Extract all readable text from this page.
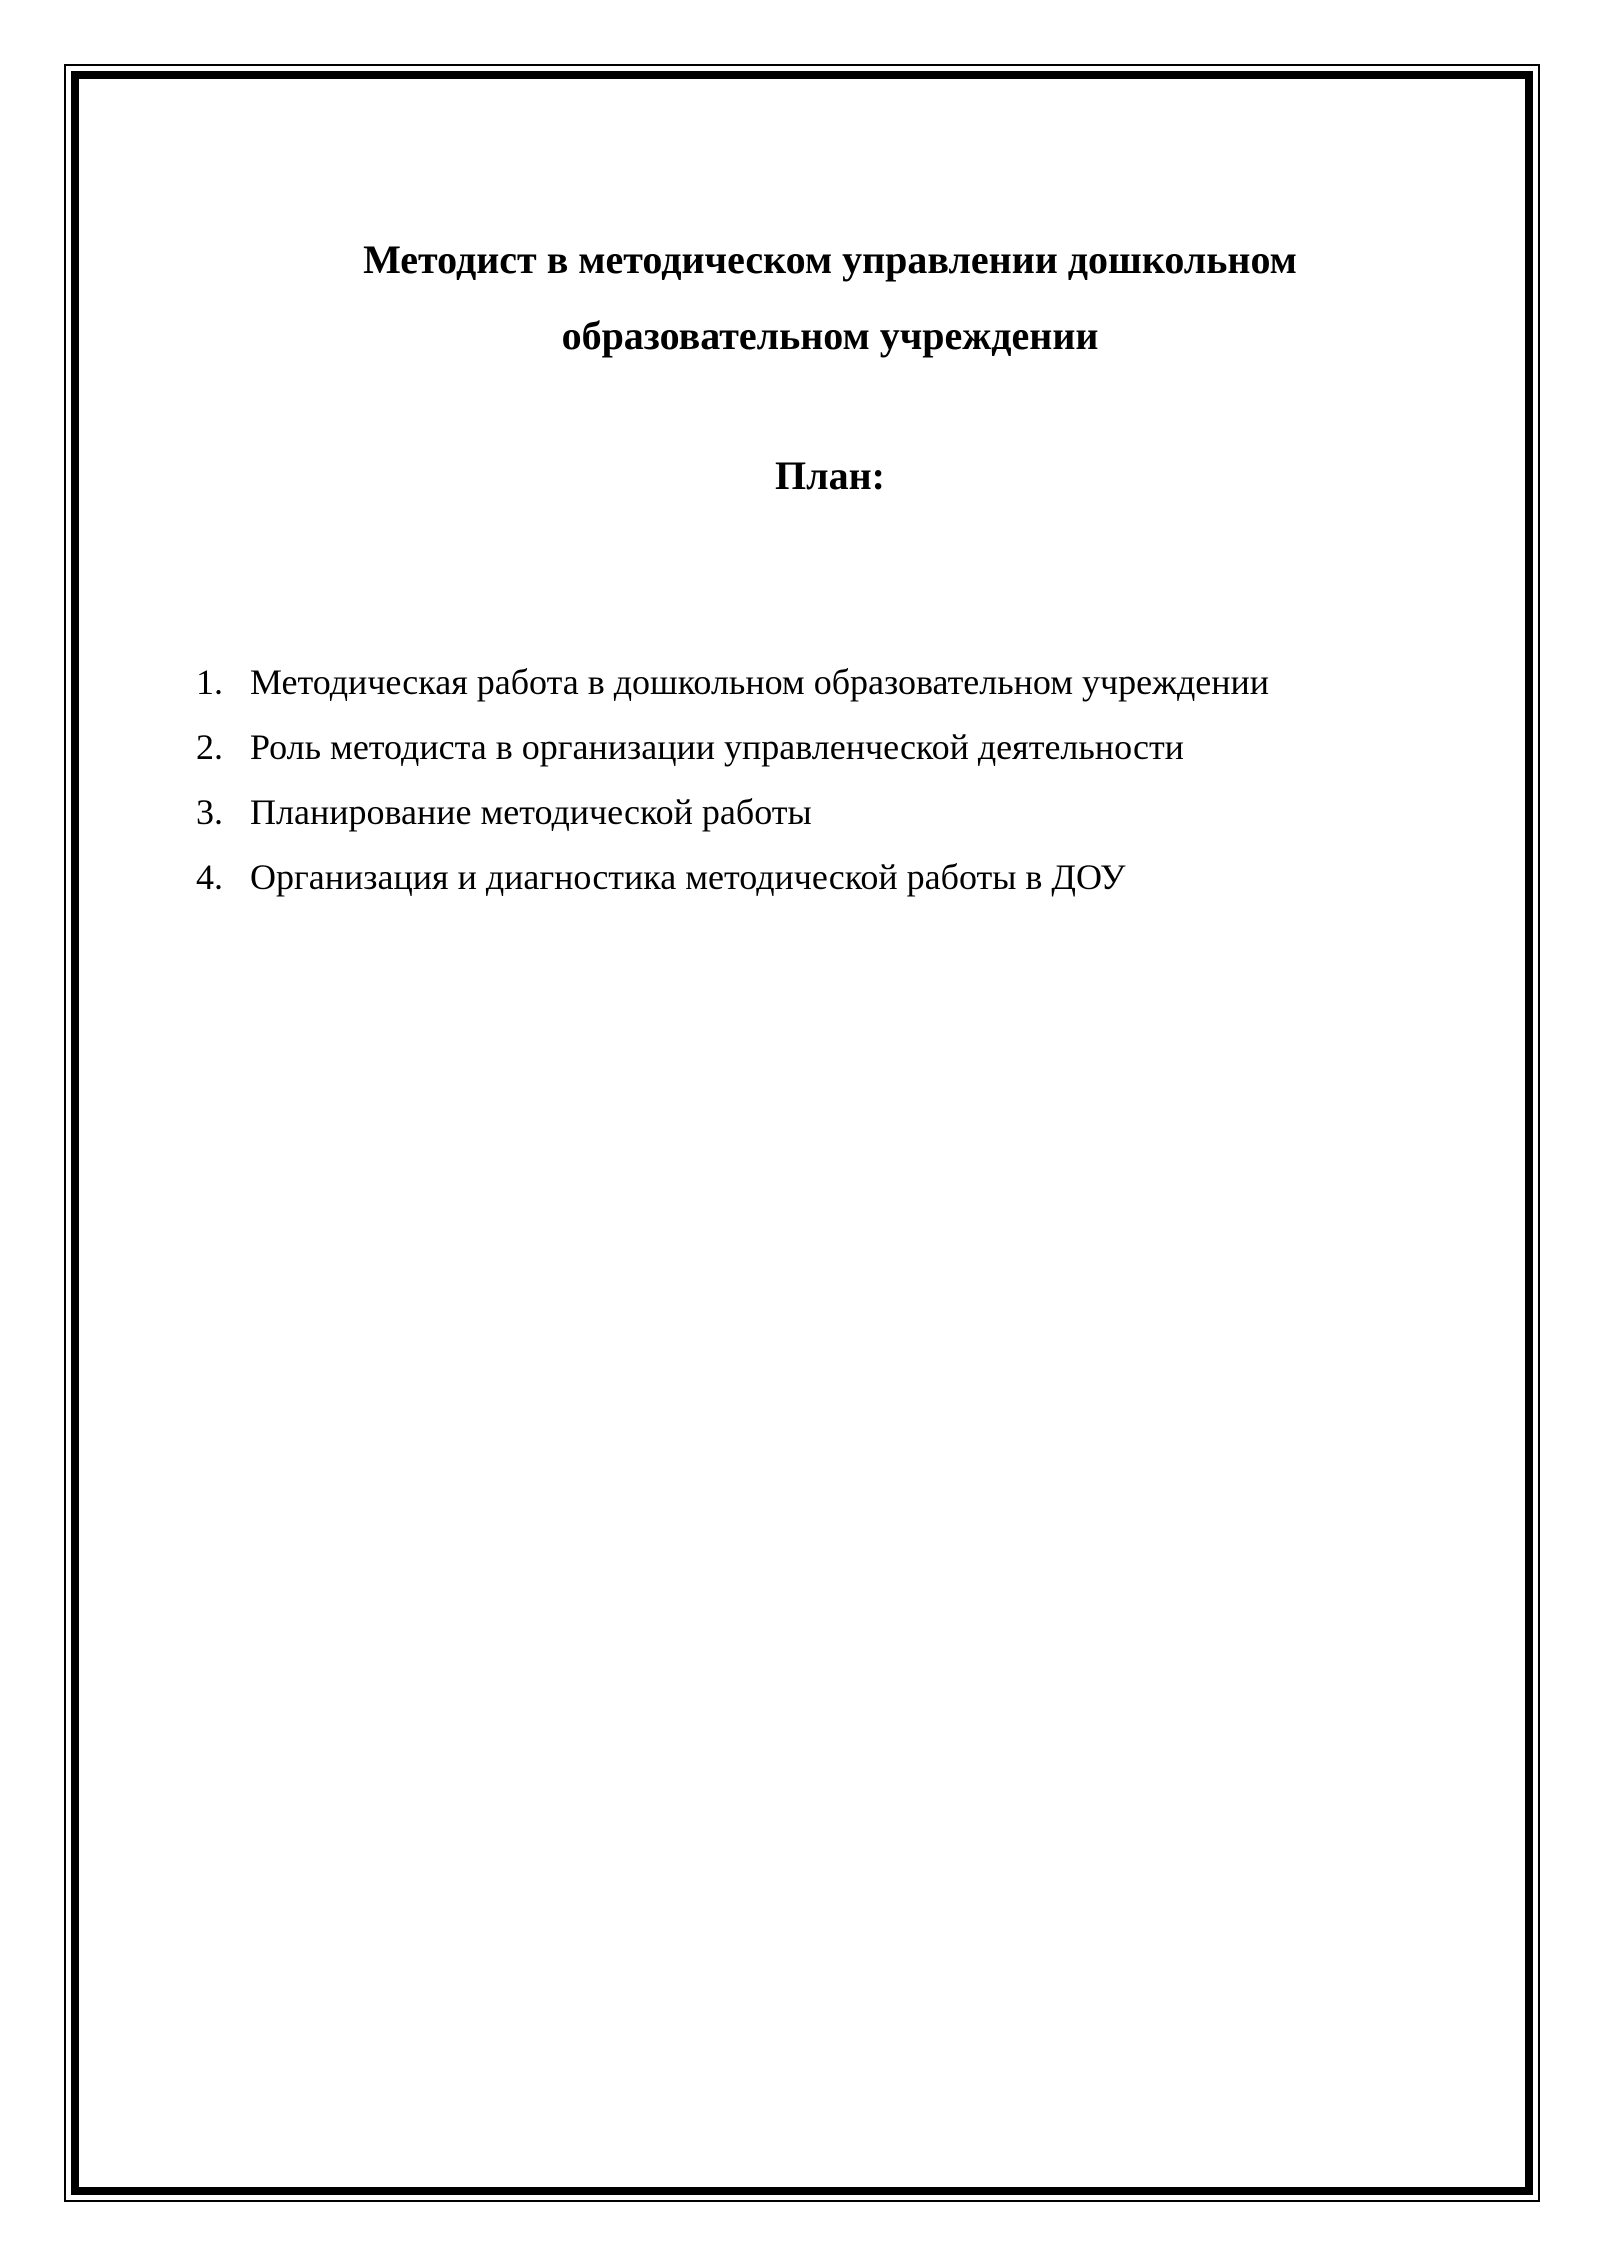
Методист в методическом управлении дошкольном
образовательном учреждении
План:
1. Методическая работа в дошкольном образовательном учреждении
2. Роль методиста в организации управленческой деятельности
3. Планирование методической работы
4. Организация и диагностика методической работы в ДОУ
